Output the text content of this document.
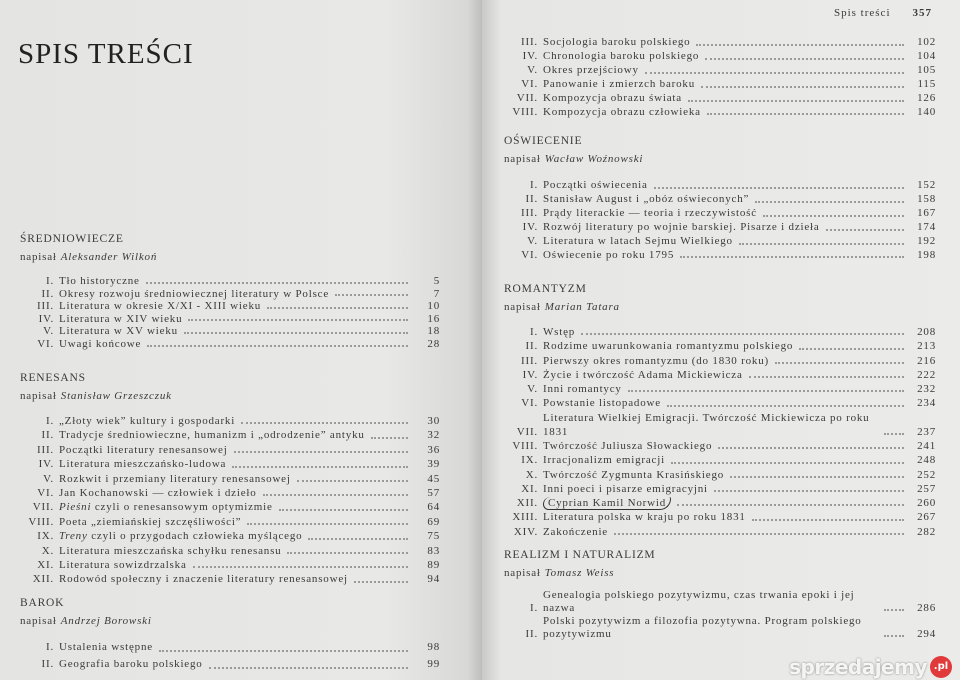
SPIS TREŚCI
ŚREDNIOWIECZE
napisał Aleksander Wilkoń
I. Tło historyczne	5
II. Okresy rozwoju średniowiecznej literatury w Polsce	7
III. Literatura w okresie X/XI - XIII wieku	10
IV. Literatura w XIV wieku	16
V. Literatura w XV wieku	18
VI. Uwagi końcowe	28
RENESANS
napisał Stanisław Grzeszczuk
I. „Złoty wiek” kultury i gospodarki	30
II. Tradycje średniowieczne, humanizm i „odrodzenie” antyku	32
III. Początki literatury renesansowej	36
IV. Literatura mieszczańsko-ludowa	39
V. Rozkwit i przemiany literatury renesansowej	45
VI. Jan Kochanowski — człowiek i dzieło	57
VII. Pieśni czyli o renesansowym optymizmie	64
VIII. Poeta „ziemiańskiej szczęśliwości”	69
IX. Treny czyli o przygodach człowieka myślącego	75
X. Literatura mieszczańska schyłku renesansu	83
XI. Literatura sowizdrzalska	89
XII. Rodowód społeczny i znaczenie literatury renesansowej	94
BAROK
napisał Andrzej Borowski
I. Ustalenia wstępne	98
II. Geografia baroku polskiego	99
Spis treści 357
III. Socjologia baroku polskiego	102
IV. Chronologia baroku polskiego	104
V. Okres przejściowy	105
VI. Panowanie i zmierzch baroku	115
VII. Kompozycja obrazu świata	126
VIII. Kompozycja obrazu człowieka	140
OŚWIECENIE
napisał Wacław Woźnowski
I. Początki oświecenia	152
II. Stanisław August i „obóz oświeconych”	158
III. Prądy literackie — teoria i rzeczywistość	167
IV. Rozwój literatury po wojnie barskiej. Pisarze i dzieła	174
V. Literatura w latach Sejmu Wielkiego	192
VI. Oświecenie po roku 1795	198
ROMANTYZM
napisał Marian Tatara
I. Wstęp	208
II. Rodzime uwarunkowania romantyzmu polskiego	213
III. Pierwszy okres romantyzmu (do 1830 roku)	216
IV. Życie i twórczość Adama Mickiewicza	222
V. Inni romantycy	232
VI. Powstanie listopadowe	234
VII.
Literatura Wielkiej Emigracji. Twórczość Mickiewicza po roku 1831	237
VIII. Twórczość Juliusza Słowackiego	241
IX. Irracjonalizm emigracji	248
X. Twórczość Zygmunta Krasińskiego	252
XI. Inni poeci i pisarze emigracyjni	257
XII. Cyprian Kamil Norwid	260
XIII. Literatura polska w kraju po roku 1831	267
XIV. Zakończenie	282
REALIZM I NATURALIZM
napisał Tomasz Weiss
I.
Genealogia polskiego pozytywizmu, czas trwania epoki i jej nazwa	286
II.
Polski pozytywizm a filozofia pozytywna. Program polskiego pozytywizmu	294
sprzedajemy .pl
